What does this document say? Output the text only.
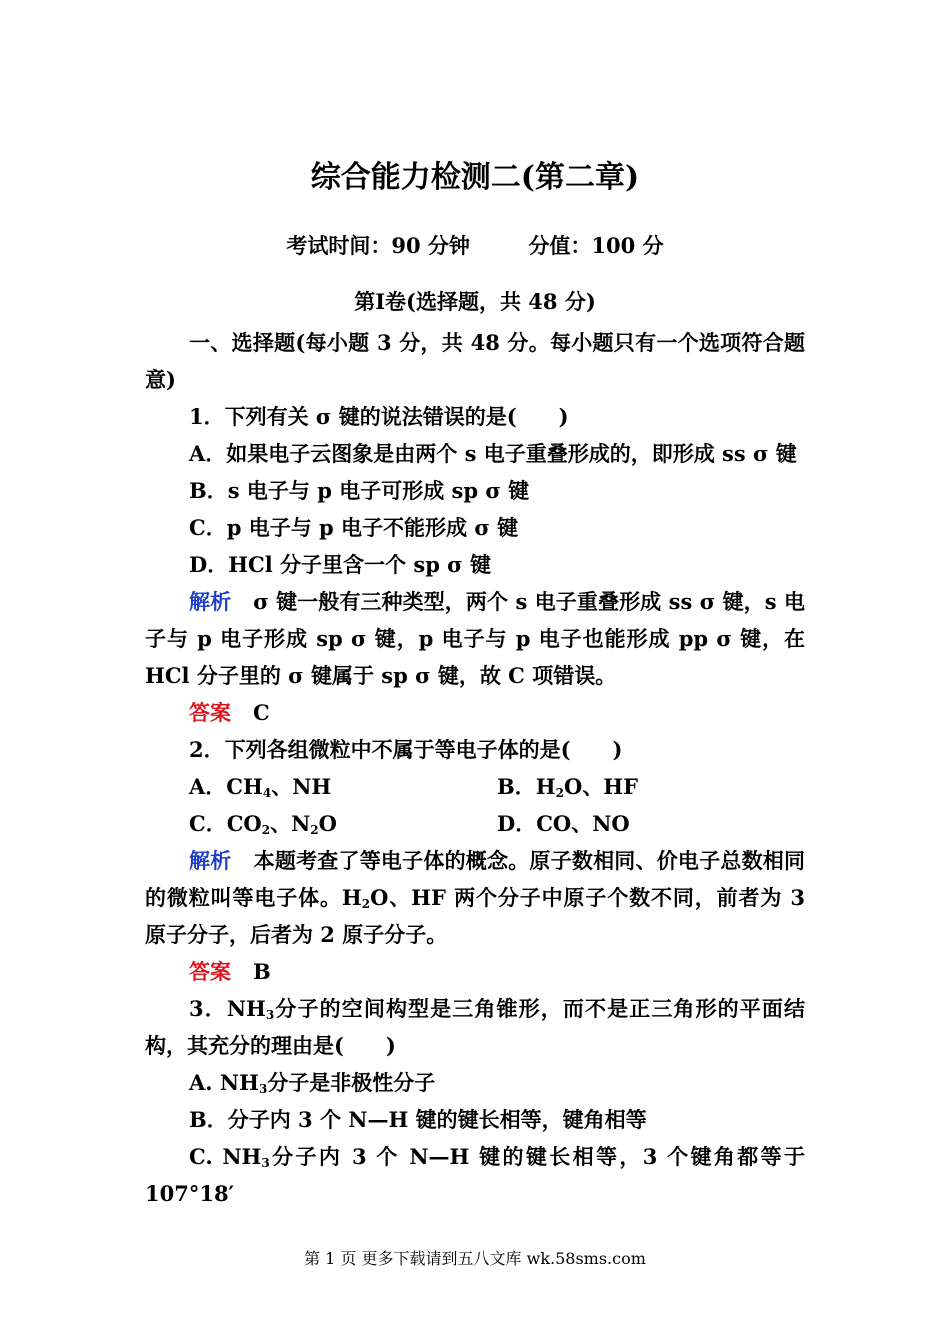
综合能力检测二(第二章)
考试时间：90 分钟	分值：100 分
第Ⅰ卷(选择题，共 48 分)

一、选择题(每小题 3 分，共 48 分。每小题只有一个选项符合题意)

1．下列有关 σ 键的说法错误的是(　　)

A．如果电子云图象是由两个 s 电子重叠形成的，即形成 ss σ 键

B．s 电子与 p 电子可形成 sp σ 键

C．p 电子与 p 电子不能形成 σ 键

D．HCl 分子里含一个 sp σ 键

解析 σ 键一般有三种类型，两个 s 电子重叠形成 ss σ 键，s 电子与 p 电子形成 sp σ 键，p 电子与 p 电子也能形成 pp σ 键，在 HCl 分子里的 σ 键属于 sp σ 键，故 C 项错误。

答案 C

2．下列各组微粒中不属于等电子体的是(　　)

A．$CH_4$、NH	B．$H_2O$、HF
C．$CO_2$、$N_2O$	D．CO、NO

解析 本题考查了等电子体的概念。原子数相同、价电子总数相同的微粒叫等电子体。$H_2O$、HF 两个分子中原子个数不同，前者为 3 原子分子，后者为 2 原子分子。

答案 B

3．$NH_3$分子的空间构型是三角锥形，而不是正三角形的平面结构，其充分的理由是(　　)

A. $NH_3$分子是非极性分子

B．分子内 3 个 N—H 键的键长相等，键角相等

C. $NH_3$分子内 3 个 N—H 键的键长相等，3 个键角都等于 107°18′

第 1 页 更多下载请到五八文库 wk.58sms.com
